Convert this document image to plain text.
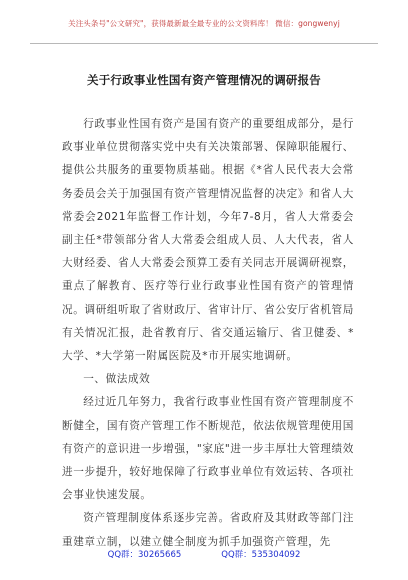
关注头条号"公文研究"，获得最新最全最专业的公文资料库！ 微信：gongwenyj
关于行政事业性国有资产管理情况的调研报告

行政事业性国有资产是国有资产的重要组成部分，是行政事业单位贯彻落实党中央有关决策部署、保障职能履行、提供公共服务的重要物质基础。根据《*省人民代表大会常务委员会关于加强国有资产管理情况监督的决定》和省人大常委会2021年监督工作计划，今年7-8月，省人大常委会副主任*带领部分省人大常委会组成人员、人大代表，省人大财经委、省人大常委会预算工委有关同志开展调研视察，重点了解教育、医疗等行业行政事业性国有资产的管理情况。调研组听取了省财政厅、省审计厅、省公安厅省机管局有关情况汇报，赴省教育厅、省交通运输厅、省卫健委、*大学、*大学第一附属医院及*市开展实地调研。

一、做法成效

经过近几年努力，我省行政事业性国有资产管理制度不断健全，国有资产管理工作不断规范，依法依规管理使用国有资产的意识进一步增强，"家底"进一步丰厚壮大管理绩效进一步提升，较好地保障了行政事业单位有效运转、各项社会事业快速发展。

资产管理制度体系逐步完善。省政府及其财政等部门注重建章立制，以建立健全制度为抓手加强资产管理，先

QQ群：30265665	QQ群：535304092
